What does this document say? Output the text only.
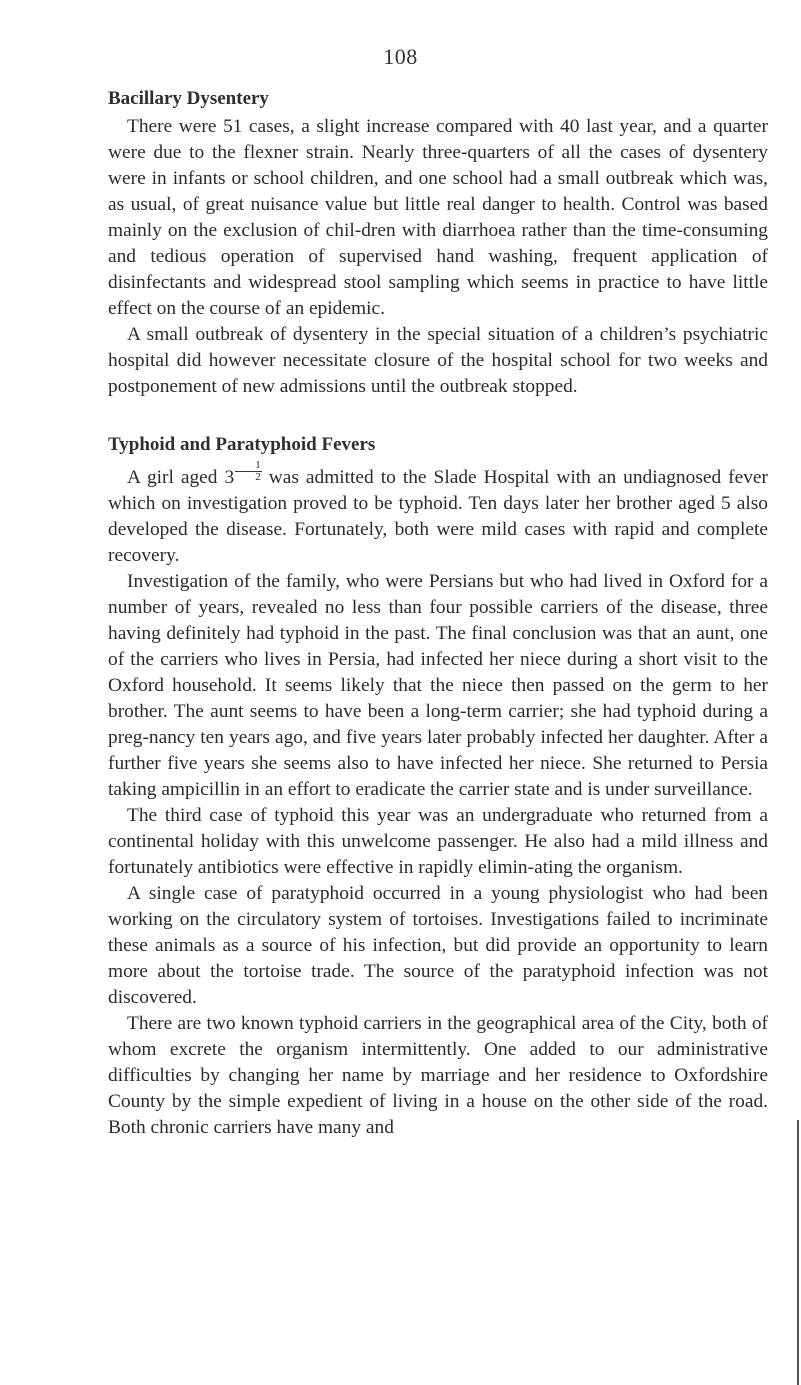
108
Bacillary Dysentery

There were 51 cases, a slight increase compared with 40 last year, and a quarter were due to the flexner strain. Nearly three-quarters of all the cases of dysentery were in infants or school children, and one school had a small outbreak which was, as usual, of great nuisance value but little real danger to health. Control was based mainly on the exclusion of chil-dren with diarrhoea rather than the time-consuming and tedious operation of supervised hand washing, frequent application of disinfectants and widespread stool sampling which seems in practice to have little effect on the course of an epidemic.

A small outbreak of dysentery in the special situation of a children’s psychiatric hospital did however necessitate closure of the hospital school for two weeks and postponement of new admissions until the outbreak stopped.

Typhoid and Paratyphoid Fevers

A girl aged $3 \frac{1}{2}$ was admitted to the Slade Hospital with an undiagnosed fever which on investigation proved to be typhoid. Ten days later her brother aged 5 also developed the disease. Fortunately, both were mild cases with rapid and complete recovery.

Investigation of the family, who were Persians but who had lived in Oxford for a number of years, revealed no less than four possible carriers of the disease, three having definitely had typhoid in the past. The final conclusion was that an aunt, one of the carriers who lives in Persia, had infected her niece during a short visit to the Oxford household. It seems likely that the niece then passed on the germ to her brother. The aunt seems to have been a long-term carrier; she had typhoid during a preg-nancy ten years ago, and five years later probably infected her daughter. After a further five years she seems also to have infected her niece. She returned to Persia taking ampicillin in an effort to eradicate the carrier state and is under surveillance.

The third case of typhoid this year was an undergraduate who returned from a continental holiday with this unwelcome passenger. He also had a mild illness and fortunately antibiotics were effective in rapidly elimin-ating the organism.

A single case of paratyphoid occurred in a young physiologist who had been working on the circulatory system of tortoises. Investigations failed to incriminate these animals as a source of his infection, but did provide an opportunity to learn more about the tortoise trade. The source of the paratyphoid infection was not discovered.

There are two known typhoid carriers in the geographical area of the City, both of whom excrete the organism intermittently. One added to our administrative difficulties by changing her name by marriage and her residence to Oxfordshire County by the simple expedient of living in a house on the other side of the road. Both chronic carriers have many and
